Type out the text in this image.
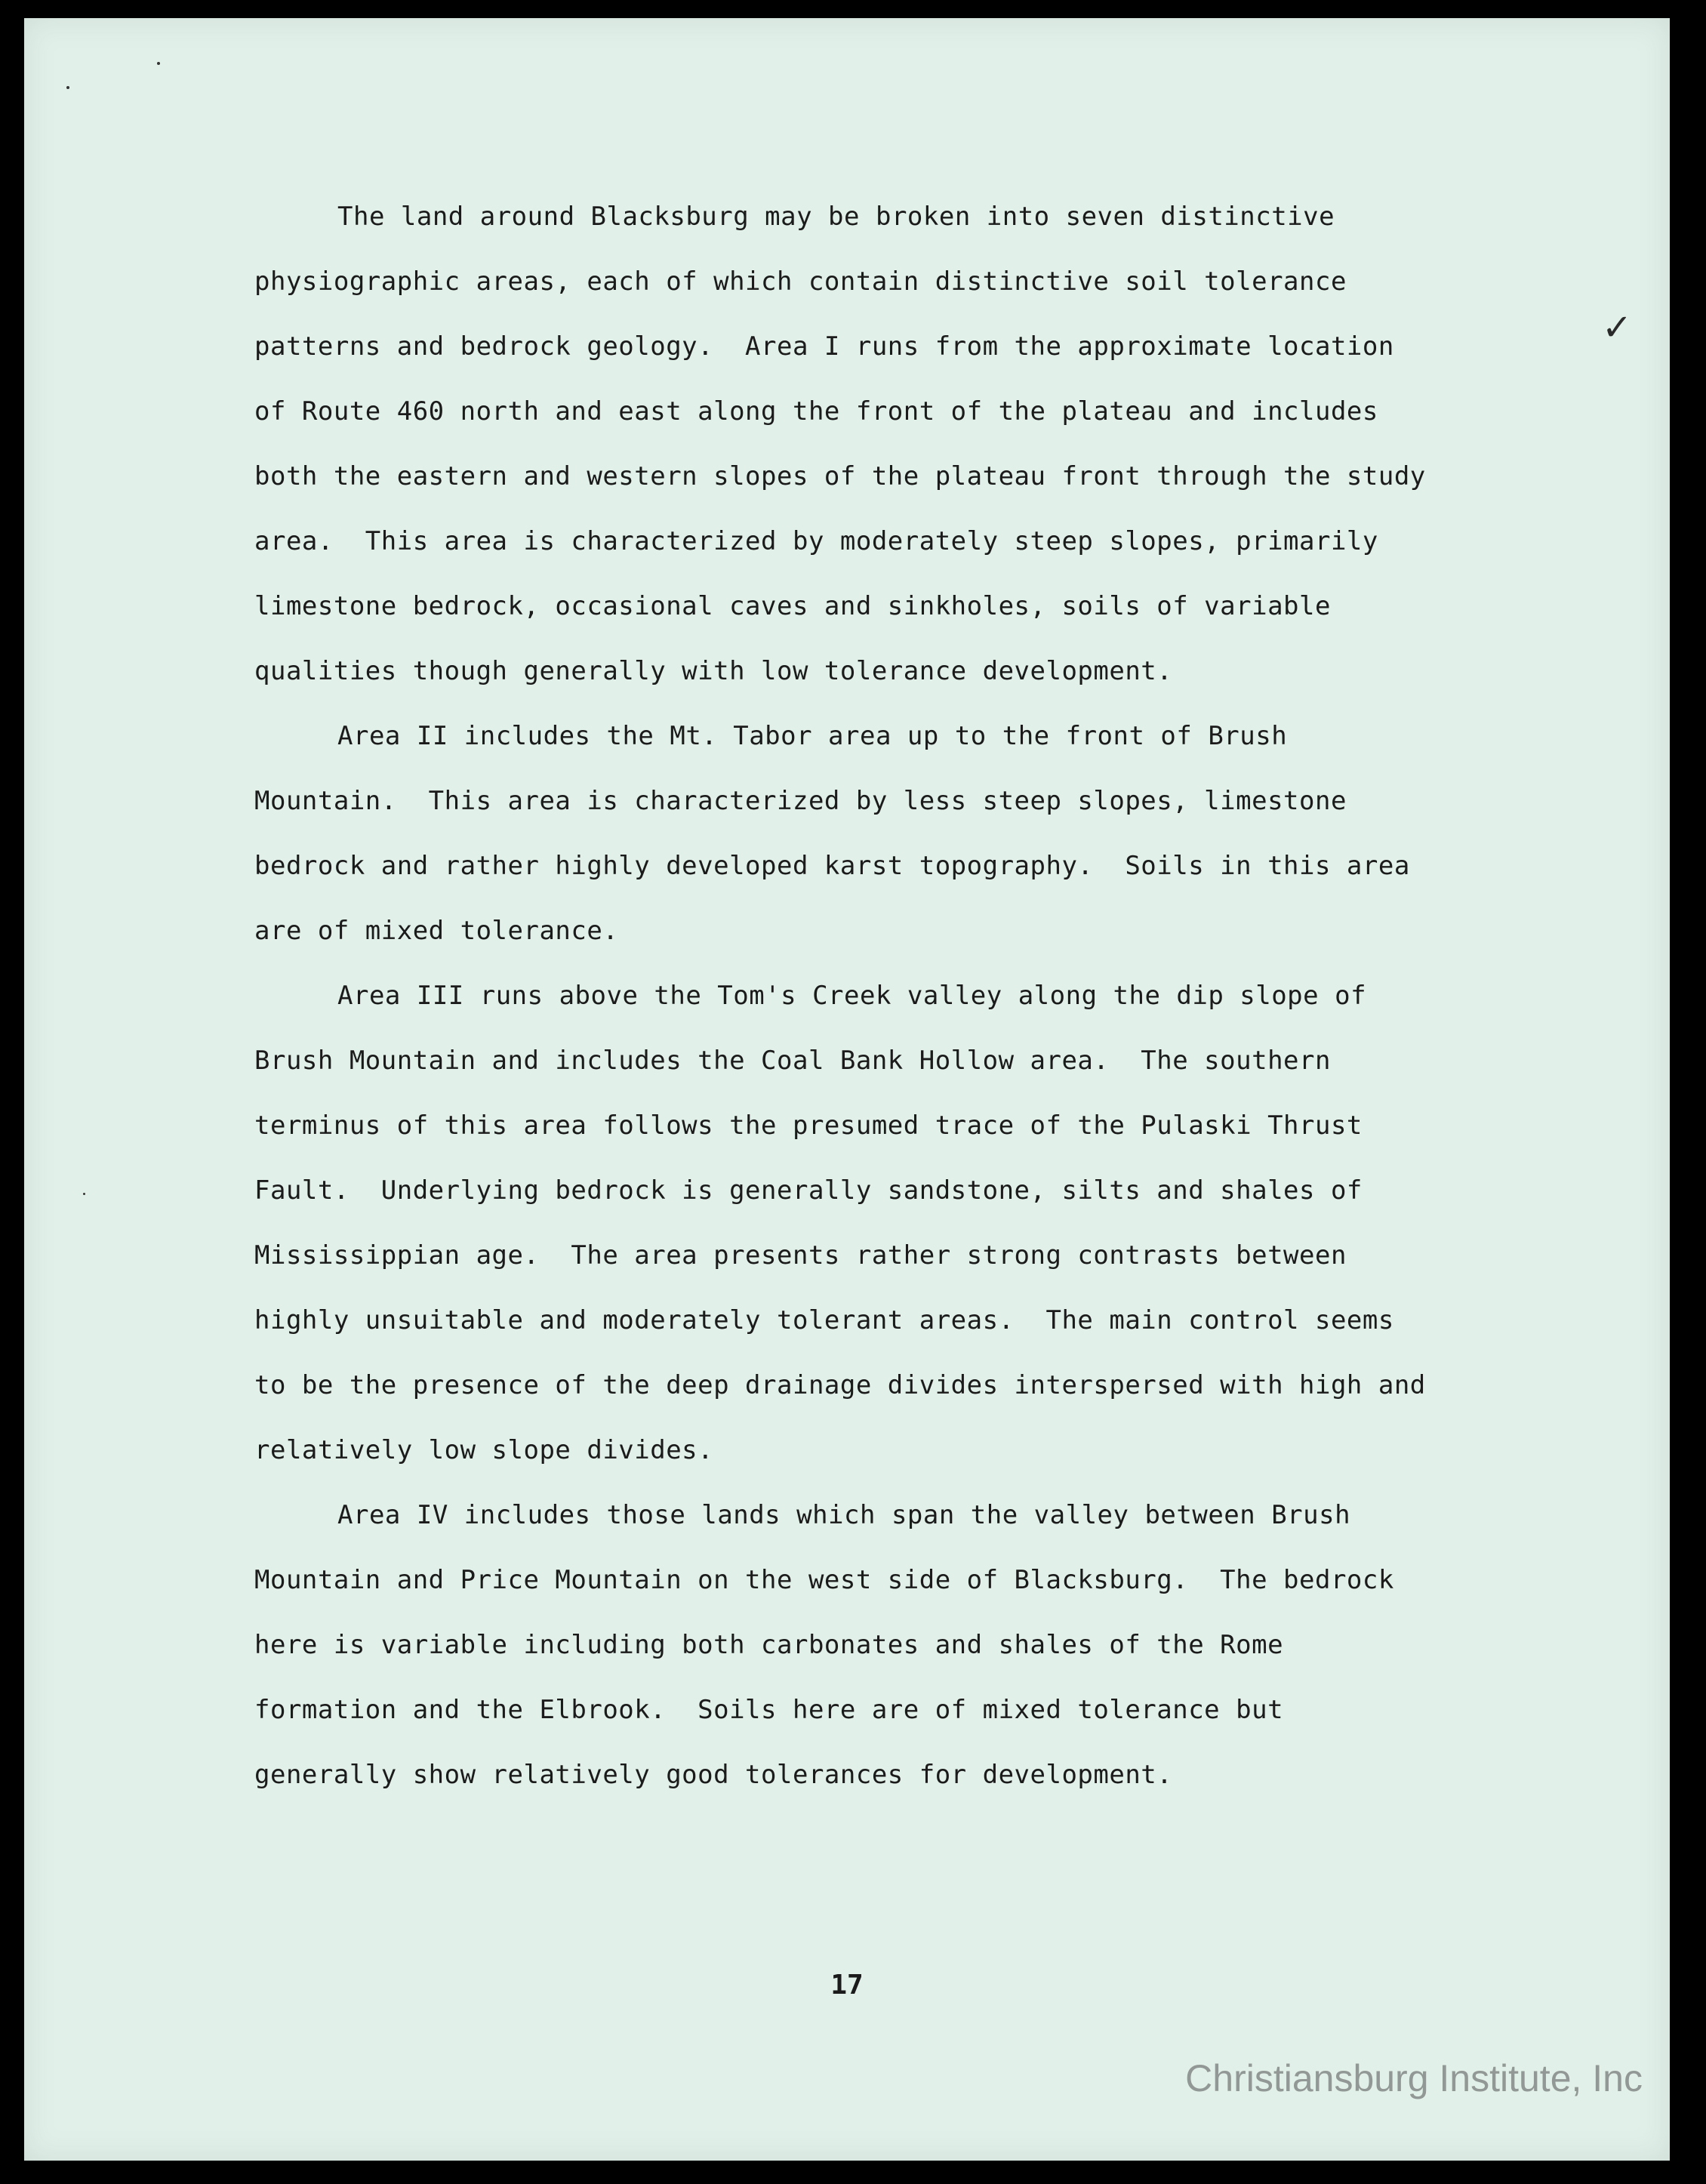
✓
The land around Blacksburg may be broken into seven distinctive
physiographic areas, each of which contain distinctive soil tolerance
patterns and bedrock geology.  Area I runs from the approximate location
of Route 460 north and east along the front of the plateau and includes
both the eastern and western slopes of the plateau front through the study
area.  This area is characterized by moderately steep slopes, primarily
limestone bedrock, occasional caves and sinkholes, soils of variable
qualities though generally with low tolerance development.
Area II includes the Mt. Tabor area up to the front of Brush
Mountain.  This area is characterized by less steep slopes, limestone
bedrock and rather highly developed karst topography.  Soils in this area
are of mixed tolerance.
Area III runs above the Tom's Creek valley along the dip slope of
Brush Mountain and includes the Coal Bank Hollow area.  The southern
terminus of this area follows the presumed trace of the Pulaski Thrust
Fault.  Underlying bedrock is generally sandstone, silts and shales of
Mississippian age.  The area presents rather strong contrasts between
highly unsuitable and moderately tolerant areas.  The main control seems
to be the presence of the deep drainage divides interspersed with high and
relatively low slope divides.
Area IV includes those lands which span the valley between Brush
Mountain and Price Mountain on the west side of Blacksburg.  The bedrock
here is variable including both carbonates and shales of the Rome
formation and the Elbrook.  Soils here are of mixed tolerance but
generally show relatively good tolerances for development.
17
Christiansburg Institute, Inc
